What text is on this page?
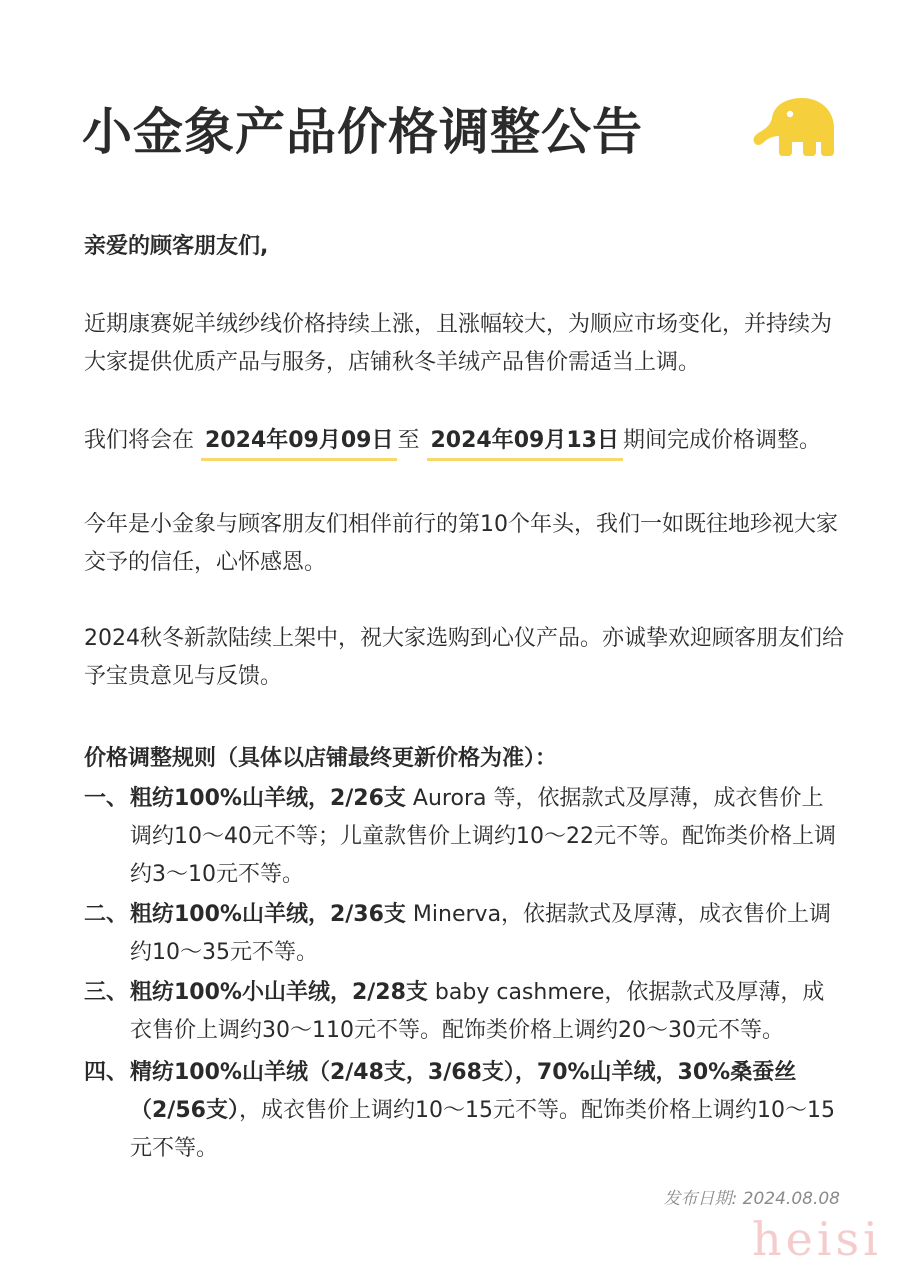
小金象产品价格调整公告

亲爱的顾客朋友们,

近期康赛妮羊绒纱线价格持续上涨，且涨幅较大，为顺应市场变化，并持续为大家提供优质产品与服务，店铺秋冬羊绒产品售价需适当上调。

我们将会在 2024年09月09日 至 2024年09月13日 期间完成价格调整。

今年是小金象与顾客朋友们相伴前行的第10个年头，我们一如既往地珍视大家交予的信任，心怀感恩。

2024秋冬新款陆续上架中，祝大家选购到心仪产品。亦诚挚欢迎顾客朋友们给予宝贵意见与反馈。

价格调整规则（具体以店铺最终更新价格为准）：

一、 粗纺100%山羊绒，2/26支 Aurora 等，依据款式及厚薄，成衣售价上调约10～40元不等；儿童款售价上调约10～22元不等。配饰类价格上调约3～10元不等。
二、 粗纺100%山羊绒，2/36支 Minerva，依据款式及厚薄，成衣售价上调约10～35元不等。
三、 粗纺100%小山羊绒，2/28支 baby cashmere，依据款式及厚薄，成衣售价上调约30～110元不等。配饰类价格上调约20～30元不等。
四、 精纺100%山羊绒（2/48支，3/68支），70%山羊绒，30%桑蚕丝（2/56支），成衣售价上调约10～15元不等。配饰类价格上调约10～15元不等。
发布日期: 2024.08.08
heisi
